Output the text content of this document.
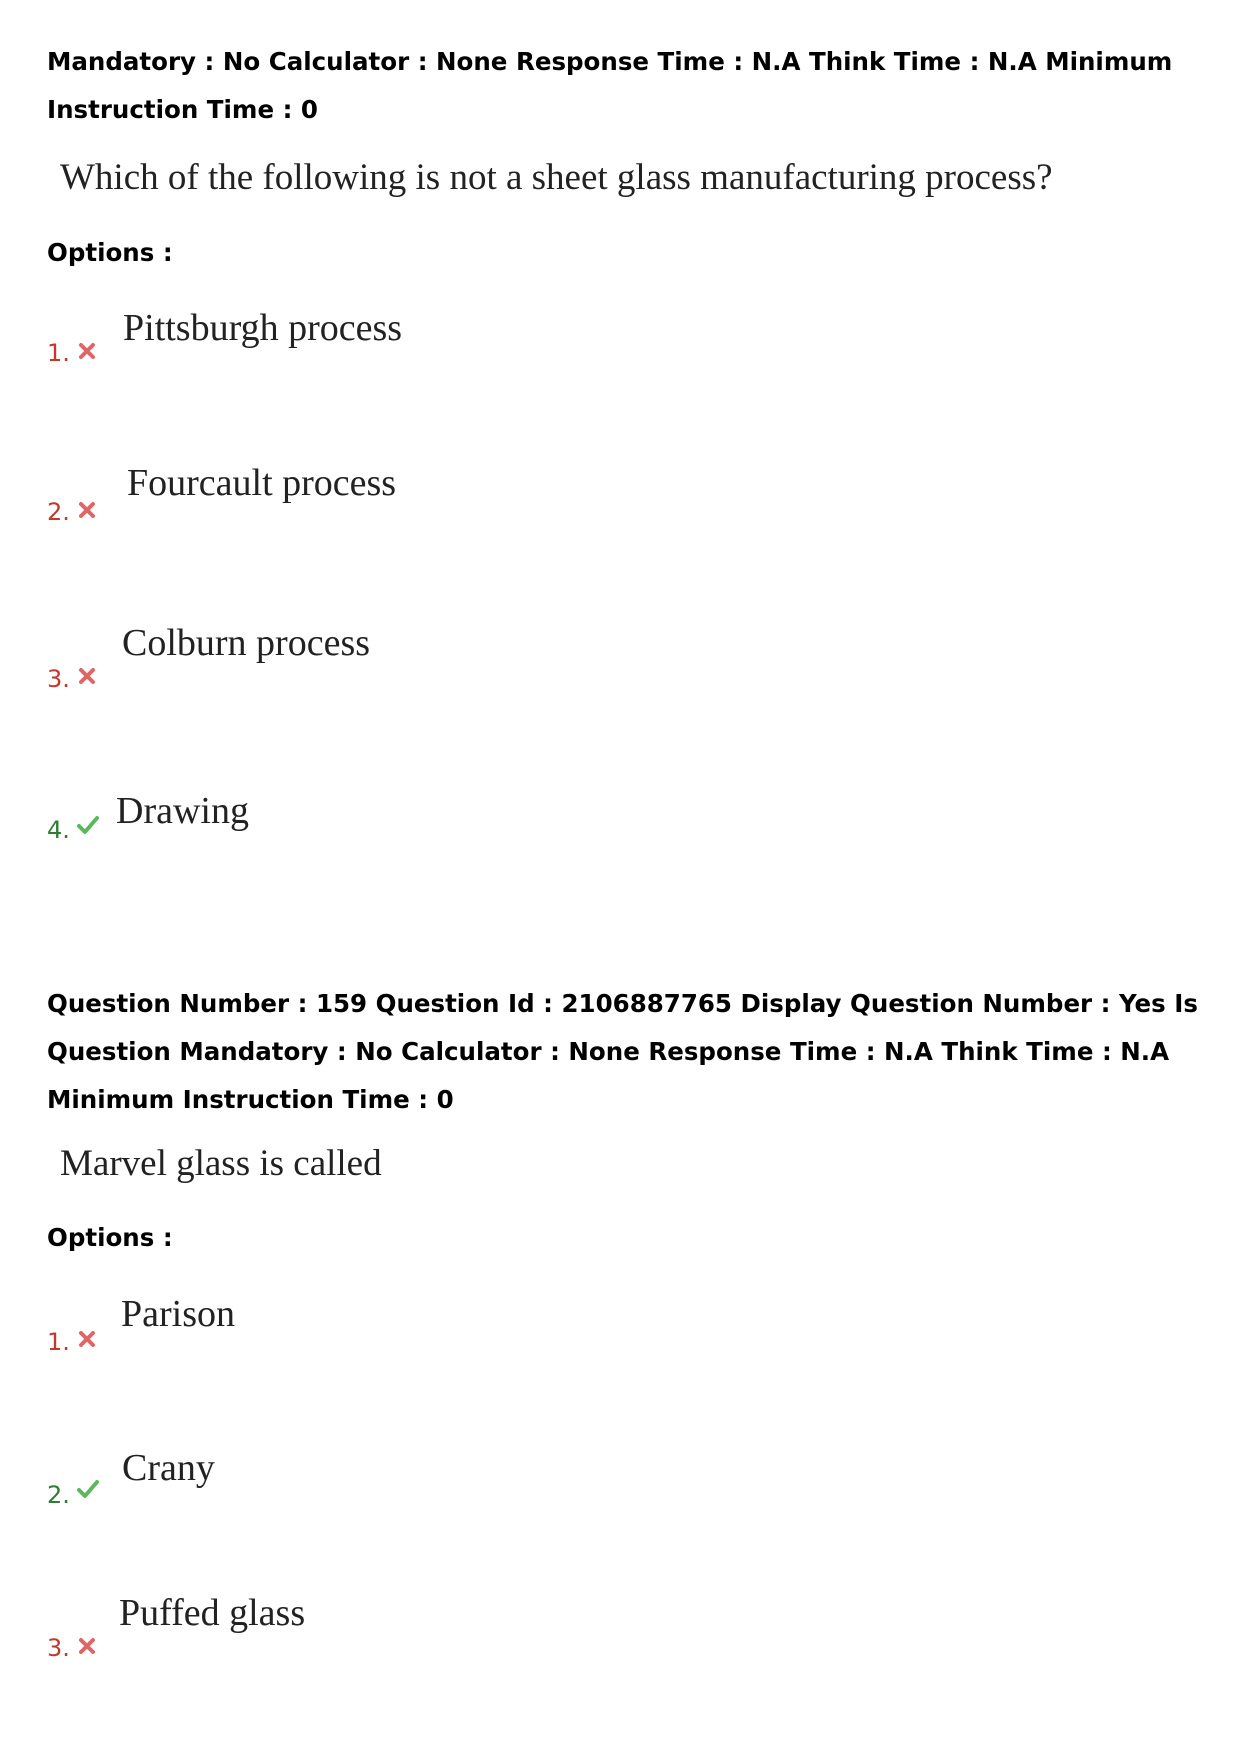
Mandatory : No Calculator : None Response Time : N.A Think Time : N.A Minimum Instruction Time : 0

Which of the following is not a sheet glass manufacturing process?

Options :

1.
Pittsburgh process
2.
Fourcault process
3.
Colburn process
4. Drawing

Question Number : 159 Question Id : 2106887765 Display Question Number : Yes Is Question Mandatory : No Calculator : None Response Time : N.A Think Time : N.A Minimum Instruction Time : 0

Marvel glass is called

Options :

1.
Parison
2.
Crany
3.
Puffed glass
